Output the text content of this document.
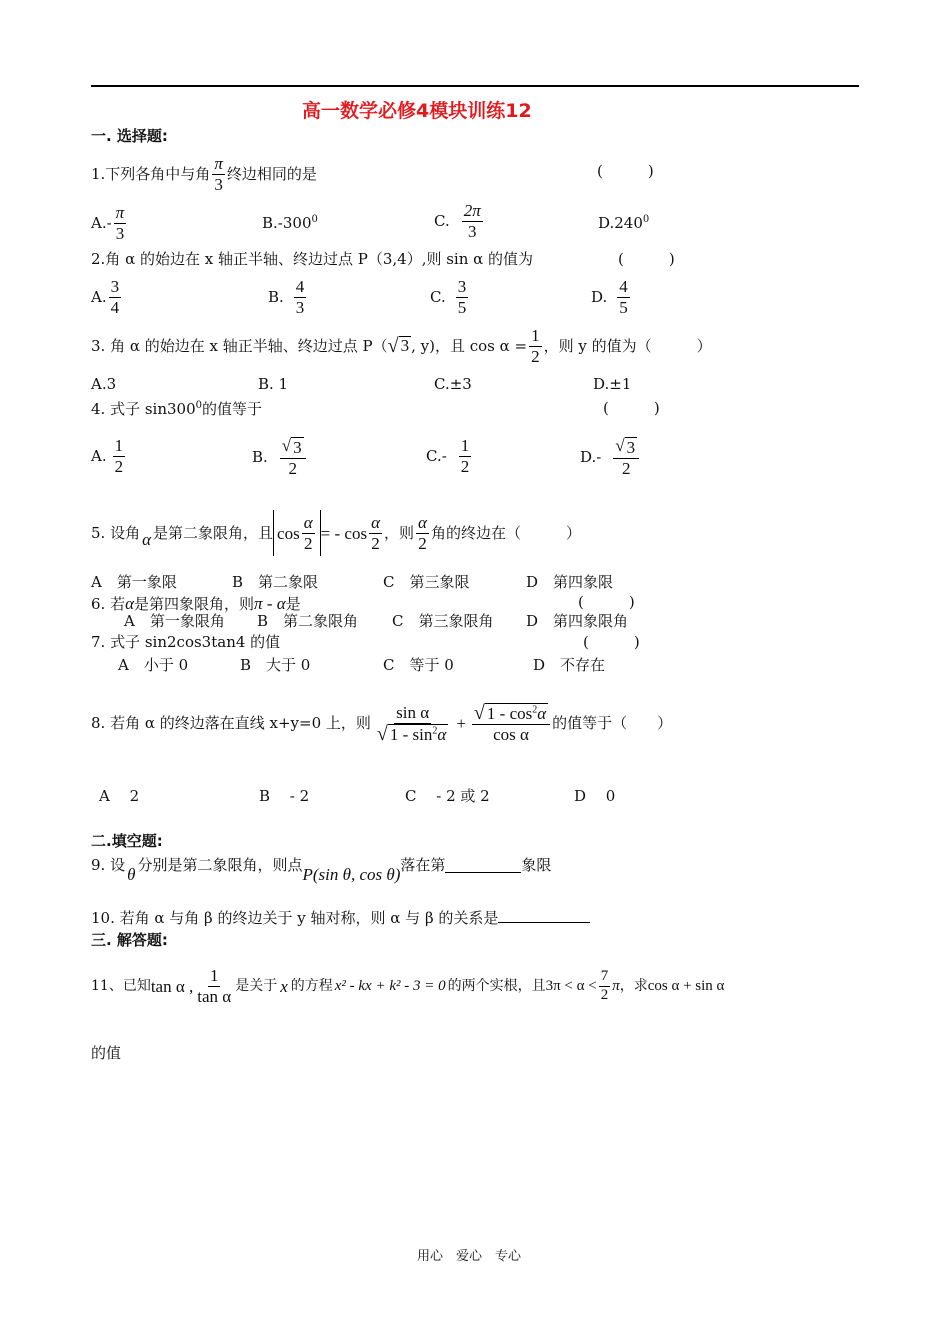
高一数学必修4模块训练12
一. 选择题:
1.下列各角中与角 $\frac{\pi}{3}$ 终边相同的是	(　　　)
$A.- \frac{\pi}{3}$	$B.-300^0$	C. $\frac{2\pi}{3}$	D.240$^0$
2.角 α 的始边在 x 轴正半轴、终边过点 P（3,4）,则 sin α 的值为	(　　　)
A. $\frac{3}{4}$	B. $\frac{4}{3}$	C. $\frac{3}{5}$	D. $\frac{4}{5}$
3. 角 α 的始边在 x 轴正半轴、终边过点 P（ √ 3 , y)，且 $\cos \alpha = \frac{1}{2}$ ，则 y 的值为（　　　）
A.3	B. 1	C.±3	D.±1
4. 式子 $\sin 300^0$的值等于	(　　　)
A. $\frac{1}{2}$	B. $\frac{√ 3}{2}$	$C.- \frac{1}{2}$	$D.- \frac{√ 3}{2}$
5. 设角 α 是第二象限角，且 $\cos \frac{\alpha}{2}$ = - $\cos \frac{\alpha}{2}$ ，则 $\frac{\alpha}{2}$ 角的终边在（　　　）
A　第一象限	B　第二象限	C　第三象限	D　第四象限
6. 若α是第四象限角，则π - α是	(　　　)
A　第一象限角 B　第二象限角 C　第三象限角 D　第四象限角
7. 式子 sin2cos3tan4 的值	(　　　)
A　小于 0	B　大于 0	C　等于 0	D　不存在
8. 若角 α 的终边落在直线 x+y=0 上，则 $\frac{\text{sin α}}{√ 1 - \sin^2\alpha} + \frac{√ 1 - \cos^2\alpha}{\text{cos α}}$ 的值等于（　　）
A　 2	B　 - 2	C　 - 2 或 2	D　 0
二.填空题:
9. 设 θ 分别是第二象限角，则点 P(sin θ, cos θ) 落在第	象限
10. 若角 α 与角 β 的终边关于 y 轴对称，则 α 与 β 的关系是
三. 解答题:
11、已知 tan α , $\frac{1}{\text{tan α}}$ 是关于 x 的方程 x² - kx + k² - 3 = 0 的两个实根，且 $3\pi < \alpha < \frac{7}{2}$ π ，求 cos α + sin α
的值
用心　爱心　专心
